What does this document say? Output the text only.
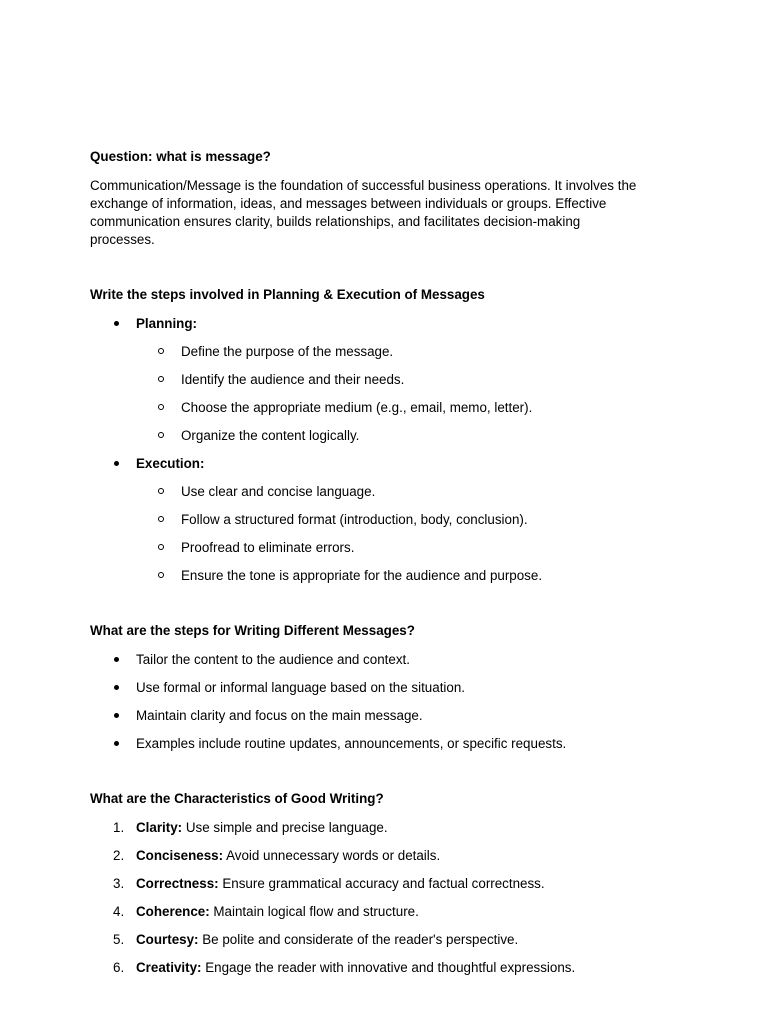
Question: what is message?
Communication/Message is the foundation of successful business operations. It involves the
exchange of information, ideas, and messages between individuals or groups. Effective
communication ensures clarity, builds relationships, and facilitates decision-making
processes.
Write the steps involved in Planning & Execution of Messages
Planning:
Define the purpose of the message.
Identify the audience and their needs.
Choose the appropriate medium (e.g., email, memo, letter).
Organize the content logically.
Execution:
Use clear and concise language.
Follow a structured format (introduction, body, conclusion).
Proofread to eliminate errors.
Ensure the tone is appropriate for the audience and purpose.
What are the steps for Writing Different Messages?
Tailor the content to the audience and context.
Use formal or informal language based on the situation.
Maintain clarity and focus on the main message.
Examples include routine updates, announcements, or specific requests.
What are the Characteristics of Good Writing?
1. Clarity: Use simple and precise language.
2. Conciseness: Avoid unnecessary words or details.
3. Correctness: Ensure grammatical accuracy and factual correctness.
4. Coherence: Maintain logical flow and structure.
5. Courtesy: Be polite and considerate of the reader's perspective.
6. Creativity: Engage the reader with innovative and thoughtful expressions.
